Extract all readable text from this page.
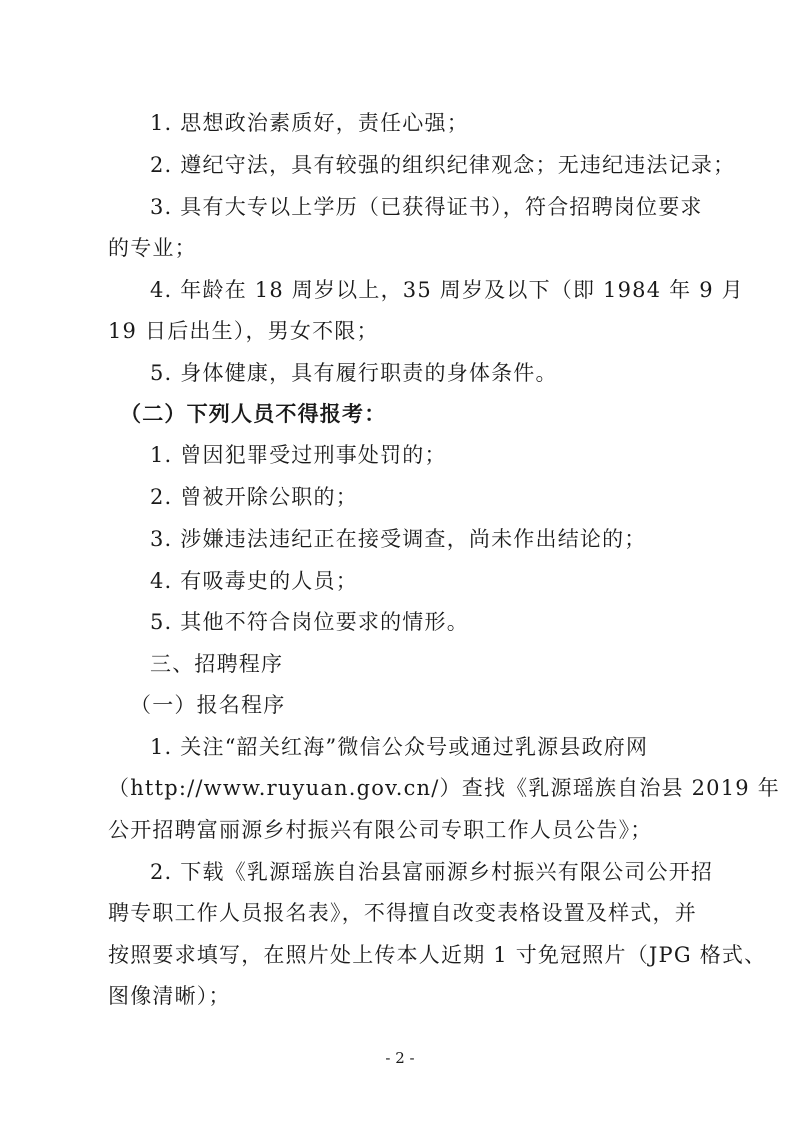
1. 思想政治素质好，责任心强；
2. 遵纪守法，具有较强的组织纪律观念；无违纪违法记录；
3. 具有大专以上学历（已获得证书），符合招聘岗位要求
的专业；
4. 年龄在 18 周岁以上，35 周岁及以下（即 1984 年 9 月
19 日后出生），男女不限；
5. 身体健康，具有履行职责的身体条件。
（二）下列人员不得报考：
1. 曾因犯罪受过刑事处罚的；
2. 曾被开除公职的；
3. 涉嫌违法违纪正在接受调查，尚未作出结论的；
4. 有吸毒史的人员；
5. 其他不符合岗位要求的情形。
三、招聘程序
（一）报名程序
1. 关注“韶关红海”微信公众号或通过乳源县政府网
（http://www.ruyuan.gov.cn/）查找《乳源瑶族自治县 2019 年
公开招聘富丽源乡村振兴有限公司专职工作人员公告》；
2. 下载《乳源瑶族自治县富丽源乡村振兴有限公司公开招
聘专职工作人员报名表》，不得擅自改变表格设置及样式，并
按照要求填写，在照片处上传本人近期 1 寸免冠照片（JPG 格式、
图像清晰）；
- 2 -
